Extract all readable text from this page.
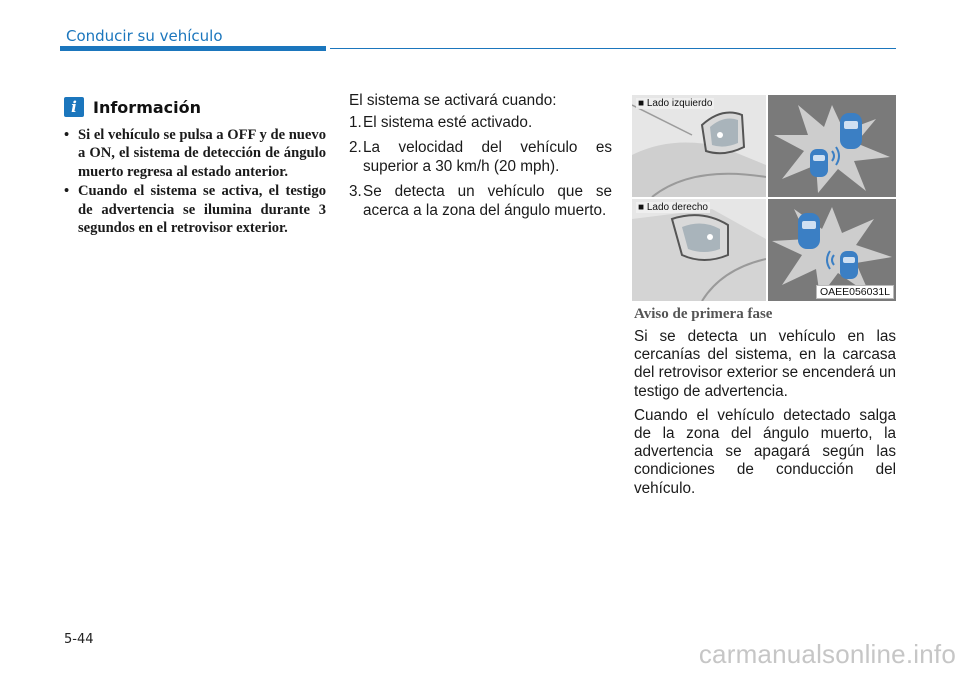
Conducir su vehículo
i	Información
• Si el vehículo se pulsa a OFF y de nuevo a ON, el sistema de detección de ángulo muerto regresa al estado anterior.
• Cuando el sistema se activa, el testigo de advertencia se ilumina durante 3 segundos en el retrovisor exterior.

El sistema se activará cuando:

1. El sistema esté activado.
2. La velocidad del vehículo es superior a 30 km/h (20 mph).
3. Se detecta un vehículo que se acerca a la zona del ángulo muerto.
■ Lado izquierdo
■ Lado derecho
OAEE056031L
Aviso de primera fase

Si se detecta un vehículo en las cercanías del sistema, en la carcasa del retrovisor exterior se encenderá un testigo de advertencia.

Cuando el vehículo detectado salga de la zona del ángulo muerto, la advertencia se apagará según las condiciones de conducción del vehículo.

5-44	carmanualsonline.info
